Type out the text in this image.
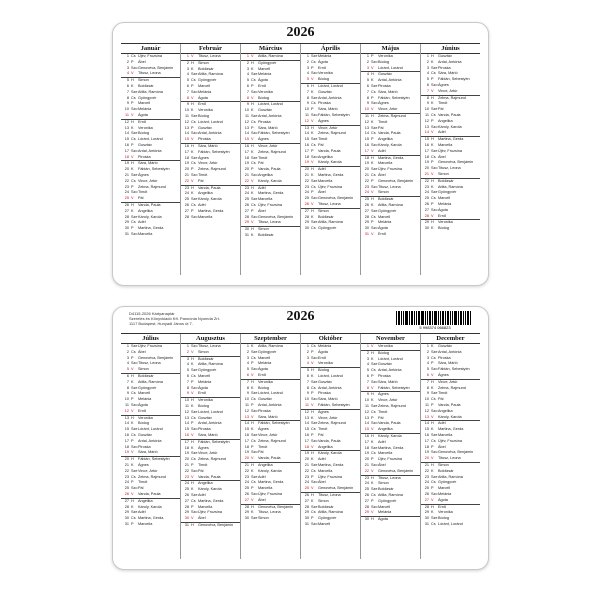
2026
Január
1 Cs Újév, Fruzsina
2 P	Ábel
3 Szo Genovéva, Benjámin
4 V	Titusz, Leona
5 H	Simon
6 K	Boldizsár
7 Sze Attila, Ramóna
8 Cs Gyöngyvér
9 P	Marcell
10 Szo Melánia
11 V	Ágota
12 H	Ernő
13 K	Veronika
14 Sze Bódog
15 Cs Lóránt, Loránd
16 P	Gusztáv
17 Szo Antal, Antónia
18 V	Piroska
19 H	Sára, Márió
20 K	Fábián, Sebestyén
21 Sze Ágnes
22 Cs Vince, Artúr
23 P	Zelma, Rajmund
24 Szo Timót
25 V	Pál
26 H	Vanda, Paula
27 K	Angelika
28 Sze Károly, Karola
29 Cs Adél
30 P	Martina, Gerda
31 Szo Marcella
Február
1 V	Titusz, Leona
2 H	Simon
3 K	Boldizsár
4 Sze Attila, Ramóna
5 Cs Gyöngyvér
6 P	Marcell
7 Szo Melánia
8 V	Ágota
9 H	Ernő
10 K	Veronika
11 Sze Bódog
12 Cs Lóránt, Loránd
13 P	Gusztáv
14 Szo Antal, Antónia
15 V	Piroska
16 H	Sára, Márió
17 K	Fábián, Sebestyén
18 Sze Ágnes
19 Cs Vince, Artúr
20 P	Zelma, Rajmund
21 Szo Timót
22 V	Pál
23 H	Vanda, Paula
24 K	Angelika
25 Sze Károly, Karola
26 Cs Adél
27 P	Martina, Gerda
28 Szo Marcella
Március
1 V	Attila, Ramóna
2 H	Gyöngyvér
3 K	Marcell
4 Sze Melánia
5 Cs Ágota
6 P	Ernő
7 Szo Veronika
8 V	Bódog
9 H	Lóránt, Loránd
10 K	Gusztáv
11 Sze Antal, Antónia
12 Cs Piroska
13 P	Sára, Márió
14 Szo Fábián, Sebestyén
15 V	Ágnes
16 H	Vince, Artúr
17 K	Zelma, Rajmund
18 Sze Timót
19 Cs Pál
20 P	Vanda, Paula
21 Szo Angelika
22 V	Károly, Karola
23 H	Adél
24 K	Martina, Gerda
25 Sze Marcella
26 Cs Újév, Fruzsina
27 P	Ábel
28 Szo Genovéva, Benjámin
29 V	Titusz, Leona
30 H	Simon
31 K	Boldizsár
Április
1 Sze Melánia
2 Cs Ágota
3 P	Ernő
4 Szo Veronika
5 V	Bódog
6 H	Lóránt, Loránd
7 K	Gusztáv
8 Sze Antal, Antónia
9 Cs Piroska
10 P	Sára, Márió
11 Szo Fábián, Sebestyén
12 V	Ágnes
13 H	Vince, Artúr
14 K	Zelma, Rajmund
15 Sze Timót
16 Cs Pál
17 P	Vanda, Paula
18 Szo Angelika
19 V	Károly, Karola
20 H	Adél
21 K	Martina, Gerda
22 Sze Marcella
23 Cs Újév, Fruzsina
24 P	Ábel
25 Szo Genovéva, Benjámin
26 V	Titusz, Leona
27 H	Simon
28 K	Boldizsár
29 Sze Attila, Ramóna
30 Cs Gyöngyvér
Május
1 P	Veronika
2 Szo Bódog
3 V	Lóránt, Loránd
4 H	Gusztáv
5 K	Antal, Antónia
6 Sze Piroska
7 Cs Sára, Márió
8 P	Fábián, Sebestyén
9 Szo Ágnes
10 V	Vince, Artúr
11 H	Zelma, Rajmund
12 K	Timót
13 Sze Pál
14 Cs Vanda, Paula
15 P	Angelika
16 Szo Károly, Karola
17 V	Adél
18 H	Martina, Gerda
19 K	Marcella
20 Sze Újév, Fruzsina
21 Cs Ábel
22 P	Genovéva, Benjámin
23 Szo Titusz, Leona
24 V	Simon
25 H	Boldizsár
26 K	Attila, Ramóna
27 Sze Gyöngyvér
28 Cs Marcell
29 P	Melánia
30 Szo Ágota
31 V	Ernő
Június
1 H	Gusztáv
2 K	Antal, Antónia
3 Sze Piroska
4 Cs Sára, Márió
5 P	Fábián, Sebestyén
6 Szo Ágnes
7 V	Vince, Artúr
8 H	Zelma, Rajmund
9 K	Timót
10 Sze Pál
11 Cs Vanda, Paula
12 P	Angelika
13 Szo Károly, Karola
14 V	Adél
15 H	Martina, Gerda
16 K	Marcella
17 Sze Újév, Fruzsina
18 Cs Ábel
19 P	Genovéva, Benjámin
20 Szo Titusz, Leona
21 V	Simon
22 H	Boldizsár
23 K	Attila, Ramóna
24 Sze Gyöngyvér
25 Cs Marcell
26 P	Melánia
27 Szo Ágota
28 V	Ernő
29 H	Veronika
30 K	Bódog
D4115-2026 Kártyanaptár
Szerelés és Könyvkiadó Kft. Pannónia Nyomda Zrt.
1117 Budapest, Hunyadi János út 7.	2026
5 998374 066823
Július
1 Sze Újév, Fruzsina
2 Cs Ábel
3 P	Genovéva, Benjámin
4 Szo Titusz, Leona
5 V	Simon
6 H	Boldizsár
7 K	Attila, Ramóna
8 Sze Gyöngyvér
9 Cs Marcell
10 P	Melánia
11 Szo Ágota
12 V	Ernő
13 H	Veronika
14 K	Bódog
15 Sze Lóránt, Loránd
16 Cs Gusztáv
17 P	Antal, Antónia
18 Szo Piroska
19 V	Sára, Márió
20 H	Fábián, Sebestyén
21 K	Ágnes
22 Sze Vince, Artúr
23 Cs Zelma, Rajmund
24 P	Timót
25 Szo Pál
26 V	Vanda, Paula
27 H	Angelika
28 K	Károly, Karola
29 Sze Adél
30 Cs Martina, Gerda
31 P	Marcella
Augusztus
1 Szo Titusz, Leona
2 V	Simon
3 H	Boldizsár
4 K	Attila, Ramóna
5 Sze Gyöngyvér
6 Cs Marcell
7 P	Melánia
8 Szo Ágota
9 V	Ernő
10 H	Veronika
11 K	Bódog
12 Sze Lóránt, Loránd
13 Cs Gusztáv
14 P	Antal, Antónia
15 Szo Piroska
16 V	Sára, Márió
17 H	Fábián, Sebestyén
18 K	Ágnes
19 Sze Vince, Artúr
20 Cs Zelma, Rajmund
21 P	Timót
22 Szo Pál
23 V	Vanda, Paula
24 H	Angelika
25 K	Károly, Karola
26 Sze Adél
27 Cs Martina, Gerda
28 P	Marcella
29 Szo Újév, Fruzsina
30 V	Ábel
31 H	Genovéva, Benjámin
Szeptember
1 K	Attila, Ramóna
2 Sze Gyöngyvér
3 Cs Marcell
4 P	Melánia
5 Szo Ágota
6 V	Ernő
7 H	Veronika
8 K	Bódog
9 Sze Lóránt, Loránd
10 Cs Gusztáv
11 P	Antal, Antónia
12 Szo Piroska
13 V	Sára, Márió
14 H	Fábián, Sebestyén
15 K	Ágnes
16 Sze Vince, Artúr
17 Cs Zelma, Rajmund
18 P	Timót
19 Szo Pál
20 V	Vanda, Paula
21 H	Angelika
22 K	Károly, Karola
23 Sze Adél
24 Cs Martina, Gerda
25 P	Marcella
26 Szo Újév, Fruzsina
27 V	Ábel
28 H	Genovéva, Benjámin
29 K	Titusz, Leona
30 Sze Simon
Október
1 Cs Melánia
2 P	Ágota
3 Szo Ernő
4 V	Veronika
5 H	Bódog
6 K	Lóránt, Loránd
7 Sze Gusztáv
8 Cs Antal, Antónia
9 P	Piroska
10 Szo Sára, Márió
11 V	Fábián, Sebestyén
12 H	Ágnes
13 K	Vince, Artúr
14 Sze Zelma, Rajmund
15 Cs Timót
16 P	Pál
17 Szo Vanda, Paula
18 V	Angelika
19 H	Károly, Karola
20 K	Adél
21 Sze Martina, Gerda
22 Cs Marcella
23 P	Újév, Fruzsina
24 Szo Ábel
25 V	Genovéva, Benjámin
26 H	Titusz, Leona
27 K	Simon
28 Sze Boldizsár
29 Cs Attila, Ramóna
30 P	Gyöngyvér
31 Szo Marcell
November
1 V	Veronika
2 H	Bódog
3 K	Lóránt, Loránd
4 Sze Gusztáv
5 Cs Antal, Antónia
6 P	Piroska
7 Szo Sára, Márió
8 V	Fábián, Sebestyén
9 H	Ágnes
10 K	Vince, Artúr
11 Sze Zelma, Rajmund
12 Cs Timót
13 P	Pál
14 Szo Vanda, Paula
15 V	Angelika
16 H	Károly, Karola
17 K	Adél
18 Sze Martina, Gerda
19 Cs Marcella
20 P	Újév, Fruzsina
21 Szo Ábel
22 V	Genovéva, Benjámin
23 H	Titusz, Leona
24 K	Simon
25 Sze Boldizsár
26 Cs Attila, Ramóna
27 P	Gyöngyvér
28 Szo Marcell
29 V	Melánia
30 H	Ágota
December
1 K	Gusztáv
2 Sze Antal, Antónia
3 Cs Piroska
4 P	Sára, Márió
5 Szo Fábián, Sebestyén
6 V	Ágnes
7 H	Vince, Artúr
8 K	Zelma, Rajmund
9 Sze Timót
10 Cs Pál
11 P	Vanda, Paula
12 Szo Angelika
13 V	Károly, Karola
14 H	Adél
15 K	Martina, Gerda
16 Sze Marcella
17 Cs Újév, Fruzsina
18 P	Ábel
19 Szo Genovéva, Benjámin
20 V	Titusz, Leona
21 H	Simon
22 K	Boldizsár
23 Sze Attila, Ramóna
24 Cs Gyöngyvér
25 P	Marcell
26 Szo Melánia
27 V	Ágota
28 H	Ernő
29 K	Veronika
30 Sze Bódog
31 Cs Lóránt, Loránd
